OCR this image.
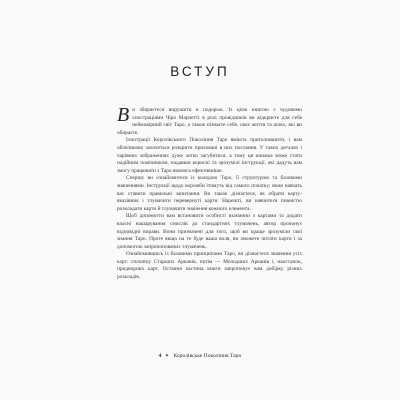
ВСТУП

Ви збираєтеся вирушити в подорож. Із цією книгою з чудовими ілюстраціями Чіро Марчетті в ролі провідників ви відкриєте для себе неймовірний світ Таро, а також пізнаєте себе, своє життя та шлях, які ви обираєте.

Ілюстрації Королівського Покоління Таро вміють приголомшити, і вам обов'язково захочеться розкрити приховані в них послання. У таких деталях і чарівних зображеннях дуже легко загубитися, а тому ця книжка може стати надійним помічником, надавши корисні та зрозумілі інструкції, які дадуть вам змогу працювати з Таро якомога ефективніше.

Спершу ви ознайомитеся із колодою Таро, її структурою та базовими значеннями. Інструкції щодо ворожби ітимуть від самого початку; вони навчать вас ставити правильні запитання. Ви також дізнаєтеся, як обрати карту-вказівник і тлумачити перевернуті карти. Нарешті, ви навчитеся повністю розкладати карти й тлумачити значення кожного елемента.

Щоб допомогти вам встановити особисті взаємини з картами та додати власні нашарування смислів до стандартних тлумачень, автор пропонує відповідні вправи. Вони призначені для того, щоб ви краще зрозуміли свої знання Таро. Проте якщо на те буде ваша воля, ви зможете читати карти і за допомогою запропонованих тлумачень.

Ознайомившись із базовими принципами Таро, ви дізнаєтеся значення усіх карт: спочатку Старших Арканів, потім — Молодших Арканів і, наостанок, придворних карт. Остання частина книги запропонує вам добірку різних розкладів.

4 ✦ Королівське Покоління Таро
